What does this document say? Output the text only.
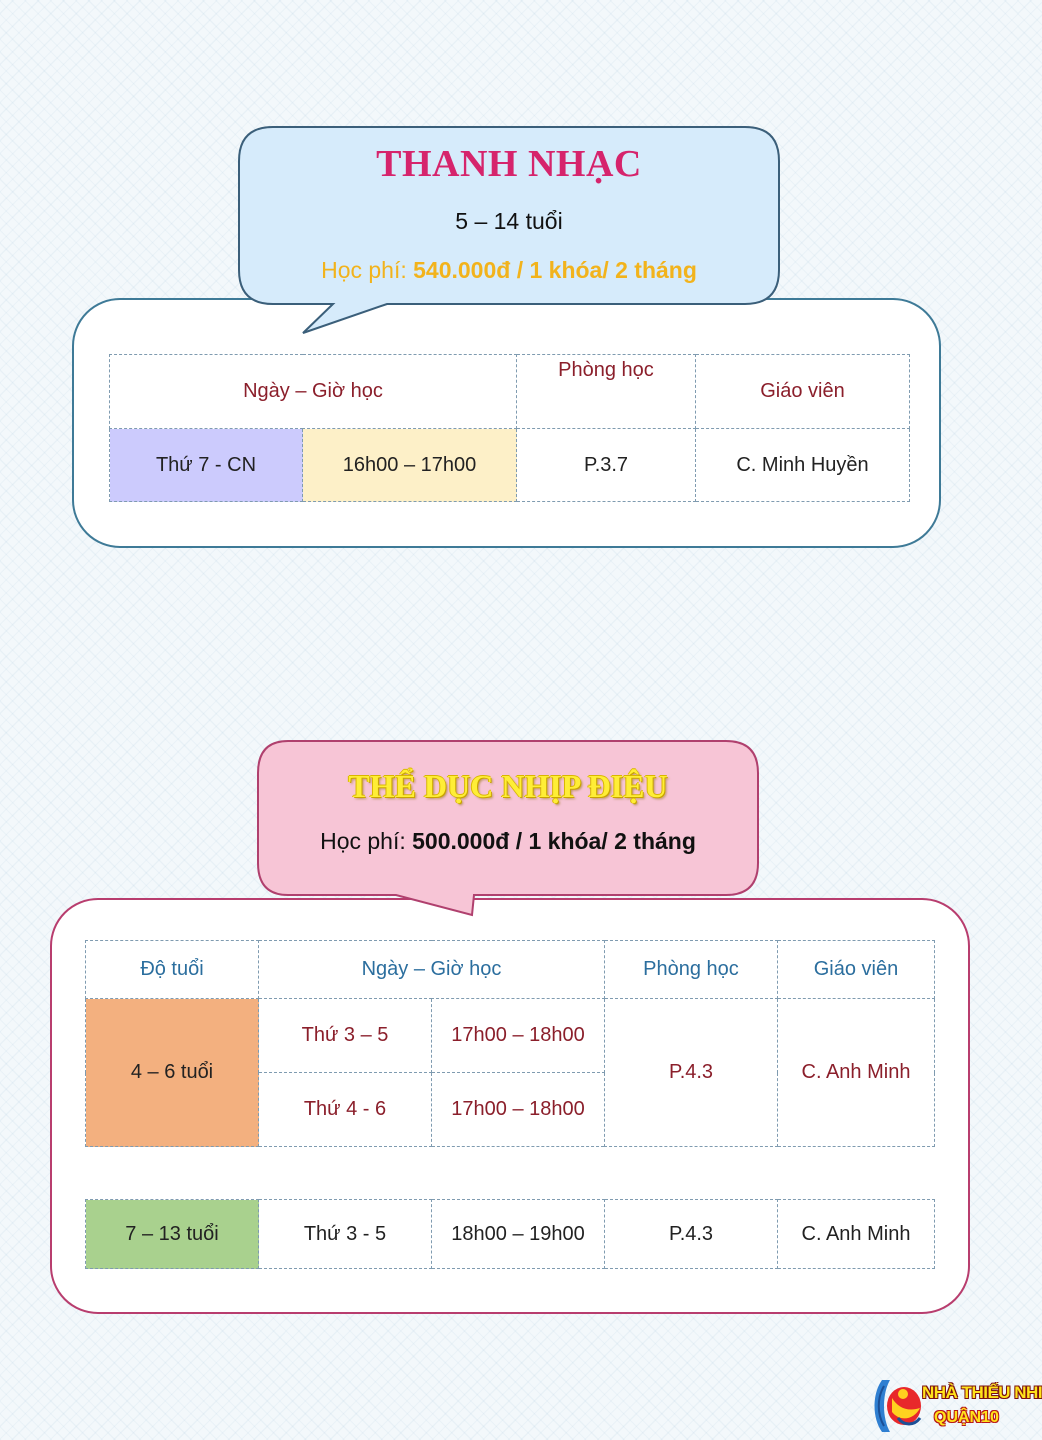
THANH NHẠC
5 – 14 tuổi
Học phí: 540.000đ / 1 khóa/ 2 tháng
Ngày – Giờ học		Phòng học	Giáo viên
Thứ 7 - CN	16h00 – 17h00	P.3.7	C. Minh Huyền
THỂ DỤC NHỊP ĐIỆU
Học phí: 500.000đ / 1 khóa/ 2 tháng
Độ tuổi	Ngày – Giờ học		Phòng học	Giáo viên
4 – 6 tuổi	Thứ 3 – 5	17h00 – 18h00	P.4.3	C. Anh Minh
	Thứ 4 - 6	17h00 – 18h00		
7 – 13 tuổi	Thứ 3 - 5	18h00 – 19h00	P.4.3	C. Anh Minh
NHÀ THIẾU NHI
QUẬN10
